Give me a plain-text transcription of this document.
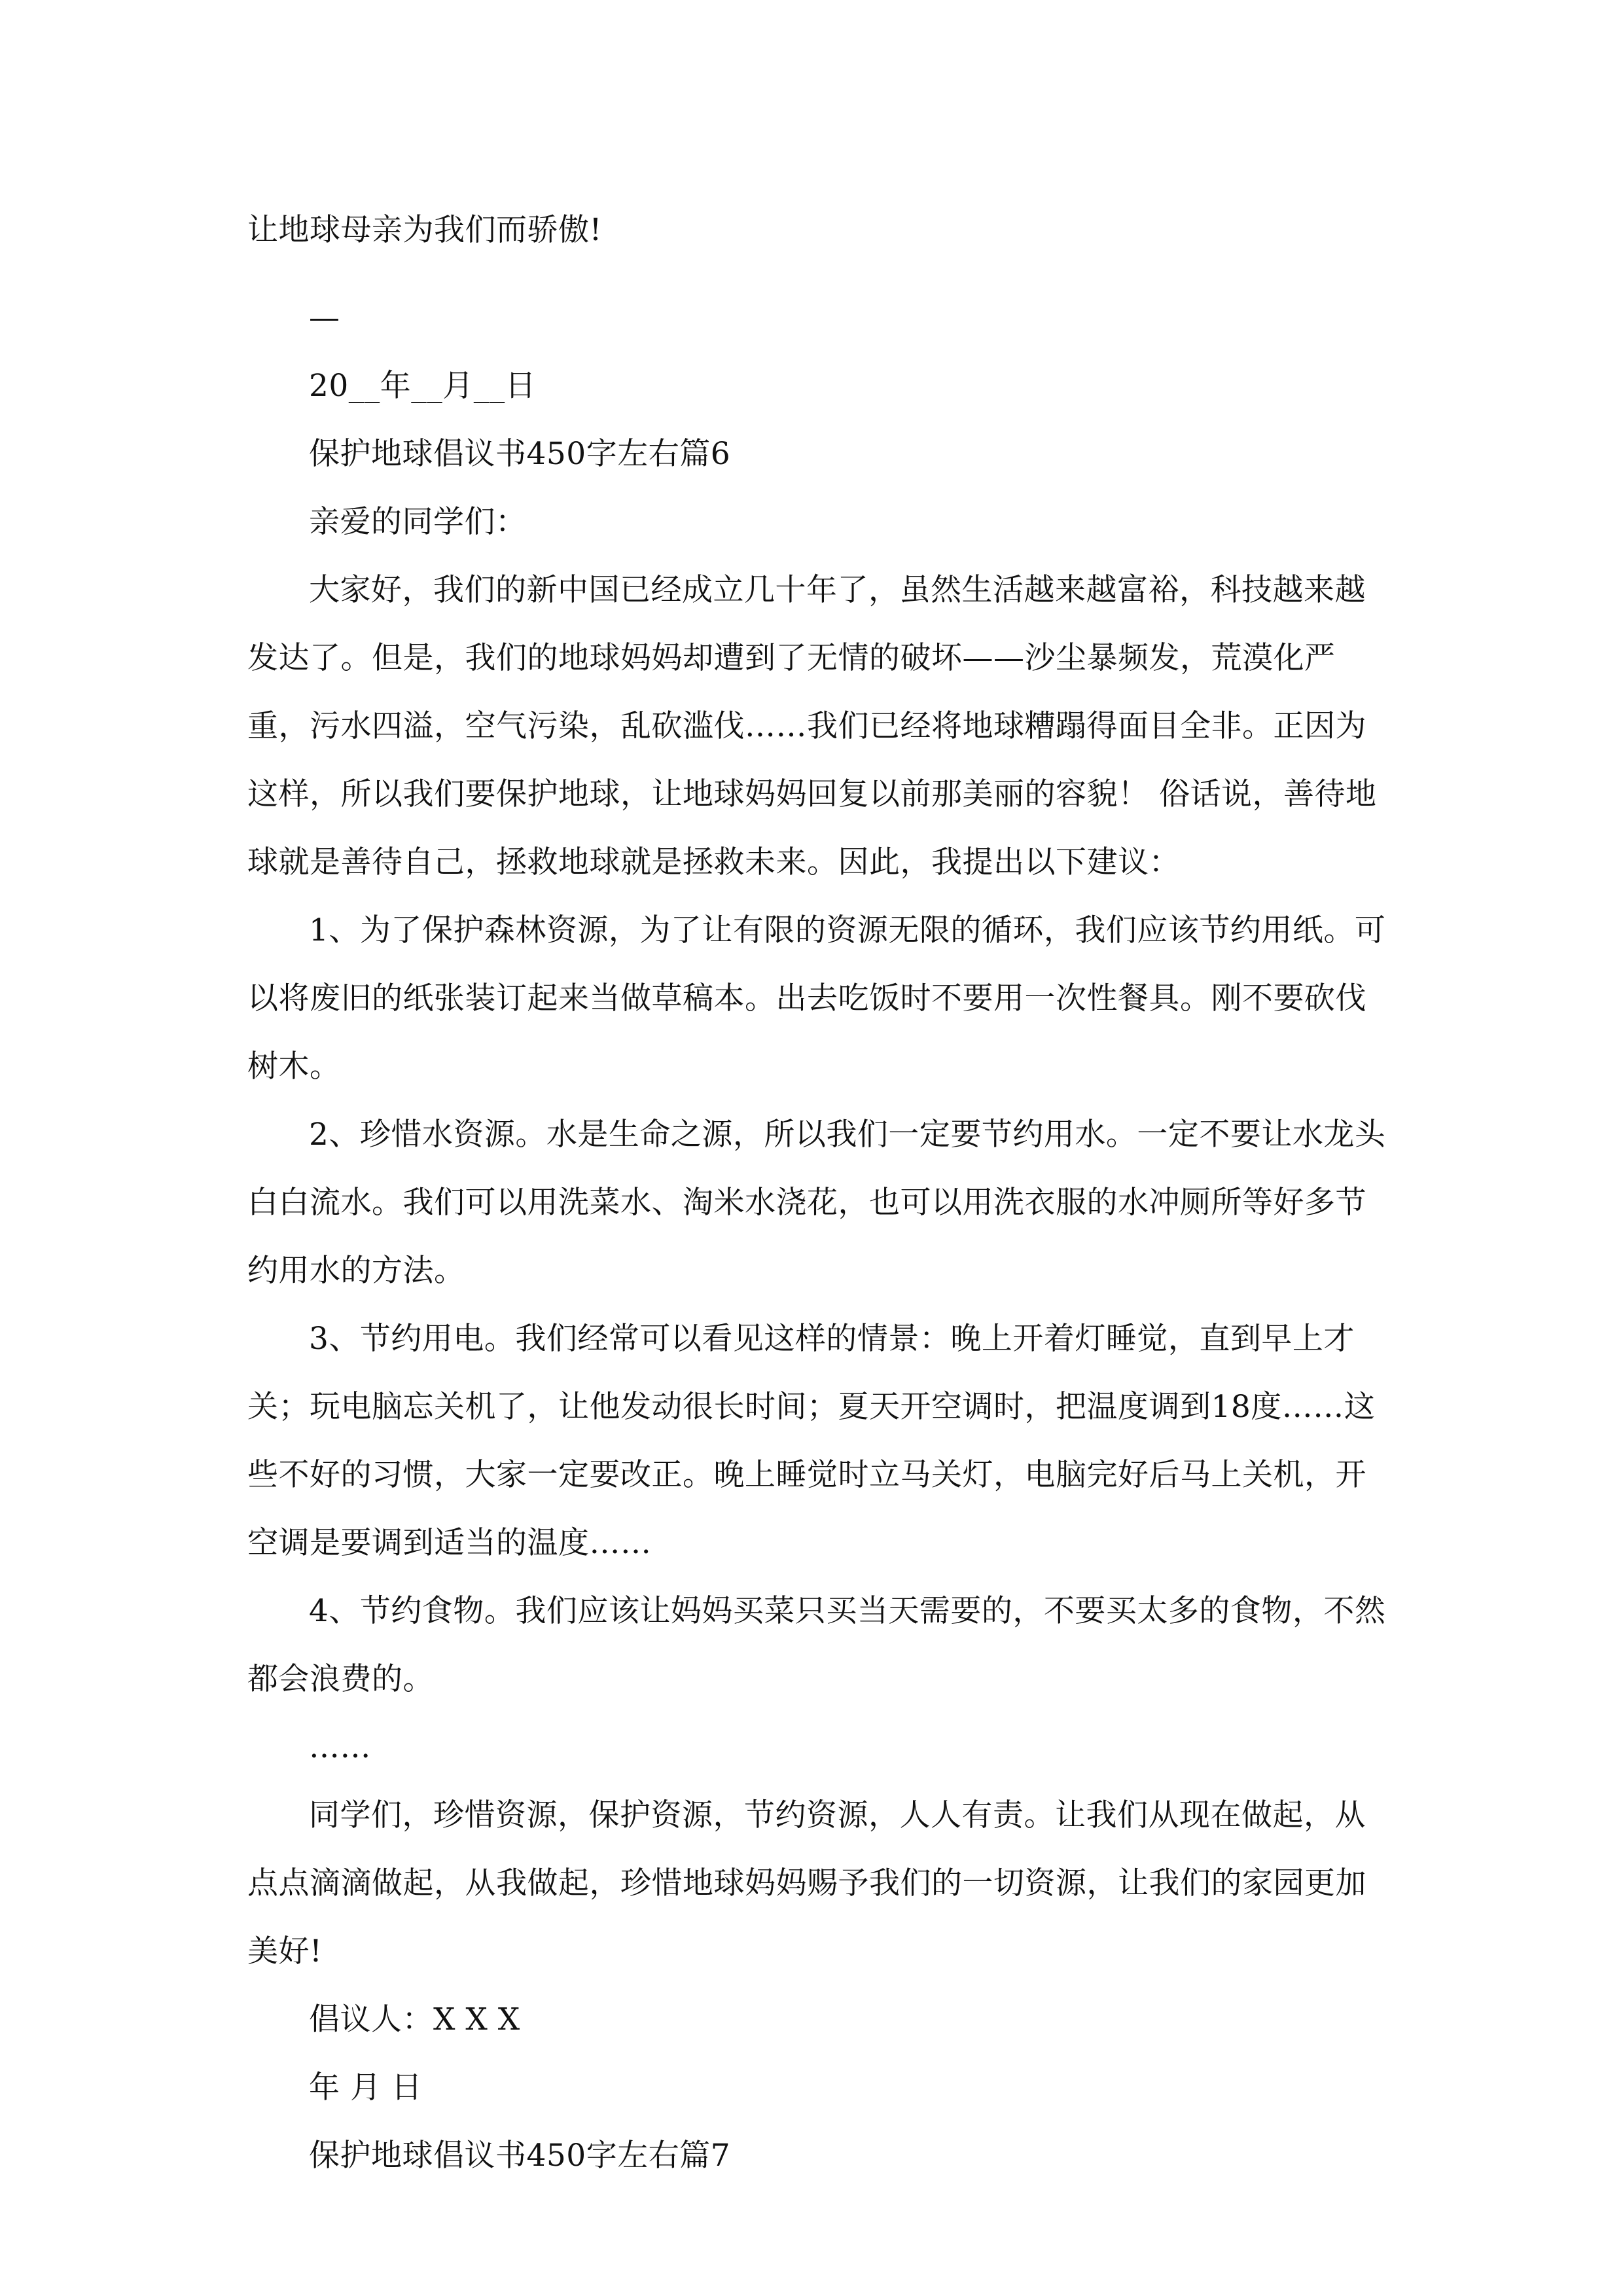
让地球母亲为我们而骄傲!

—

20__年__月__日

保护地球倡议书450字左右篇6

亲爱的同学们：

大家好，我们的新中国已经成立几十年了，虽然生活越来越富裕，科技越来越发达了。但是，我们的地球妈妈却遭到了无情的破坏——沙尘暴频发，荒漠化严重，污水四溢，空气污染，乱砍滥伐……我们已经将地球糟蹋得面目全非。正因为这样，所以我们要保护地球，让地球妈妈回复以前那美丽的容貌！ 俗话说，善待地球就是善待自己，拯救地球就是拯救未来。因此，我提出以下建议：

1、为了保护森林资源，为了让有限的资源无限的循环，我们应该节约用纸。可以将废旧的纸张装订起来当做草稿本。出去吃饭时不要用一次性餐具。刚不要砍伐树木。

2、珍惜水资源。水是生命之源，所以我们一定要节约用水。一定不要让水龙头白白流水。我们可以用洗菜水、淘米水浇花，也可以用洗衣服的水冲厕所等好多节约用水的方法。

3、节约用电。我们经常可以看见这样的情景：晚上开着灯睡觉，直到早上才关；玩电脑忘关机了，让他发动很长时间；夏天开空调时，把温度调到18度……这些不好的习惯，大家一定要改正。晚上睡觉时立马关灯，电脑完好后马上关机，开空调是要调到适当的温度……

4、节约食物。我们应该让妈妈买菜只买当天需要的，不要买太多的食物，不然都会浪费的。

……

同学们，珍惜资源，保护资源，节约资源，人人有责。让我们从现在做起，从点点滴滴做起，从我做起，珍惜地球妈妈赐予我们的一切资源，让我们的家园更加美好!

倡议人：X X X

年 月 日

保护地球倡议书450字左右篇7
